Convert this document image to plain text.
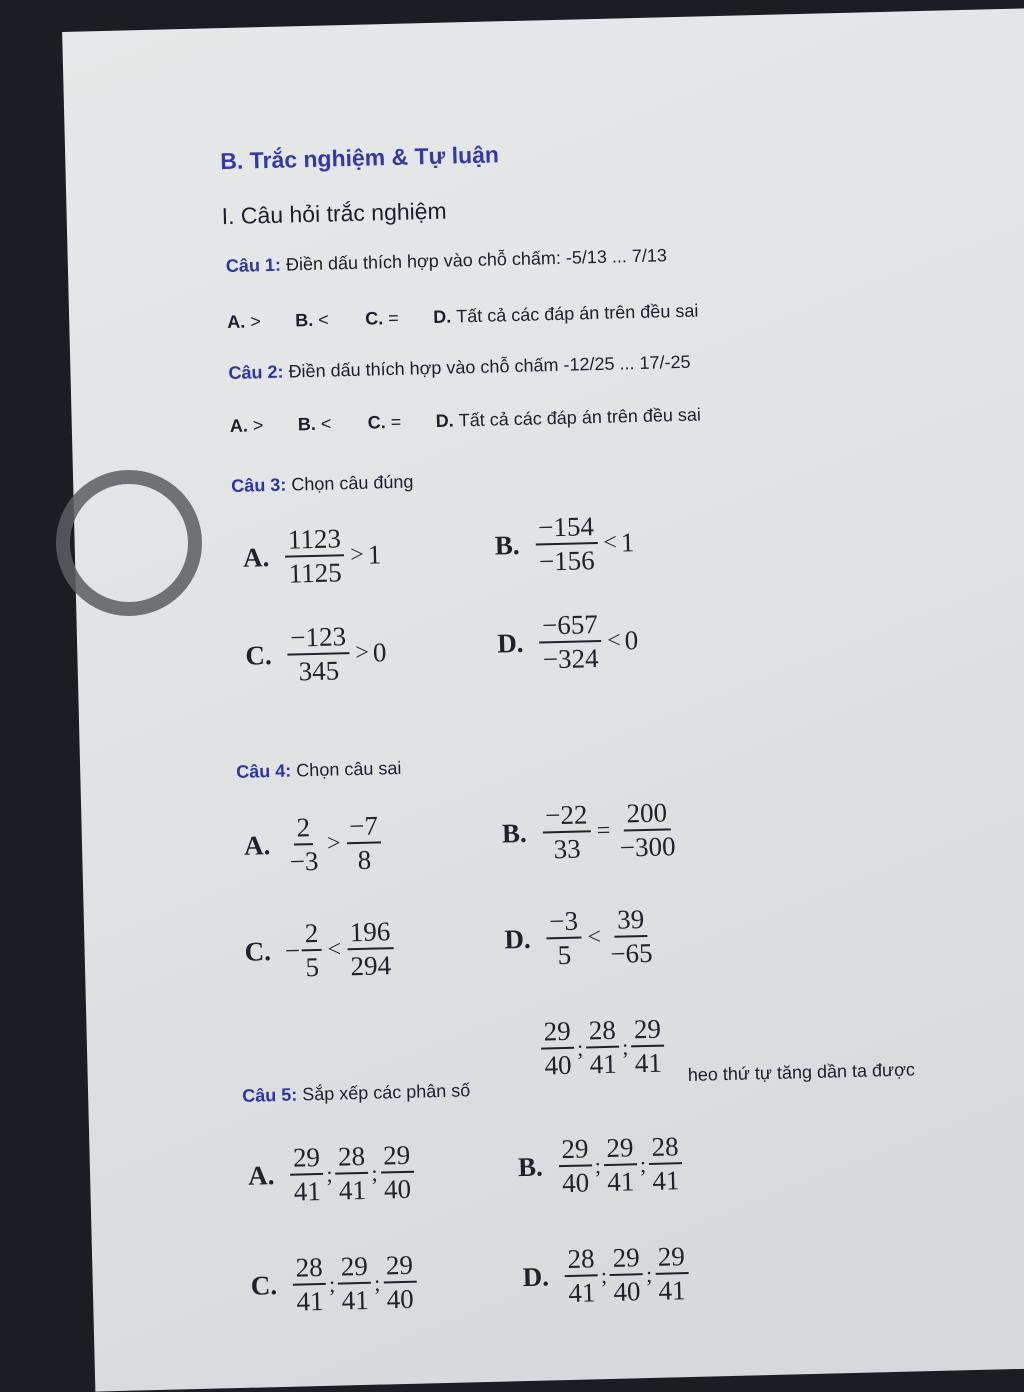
B. Trắc nghiệm & Tự luận
I. Câu hỏi trắc nghiệm
Câu 1: Điền dấu thích hợp vào chỗ chấm: -5/13 ... 7/13
A. > B. < C. = D. Tất cả các đáp án trên đều sai
Câu 2: Điền dấu thích hợp vào chỗ chấm -12/25 ... 17/-25
A. > B. < C. = D. Tất cả các đáp án trên đều sai
Câu 3: Chọn câu đúng
A. $\frac{1123}{1125} > 1$	B. $\frac{-154}{-156} < 1$
C. $\frac{-123}{345} > 0$	D. $\frac{-657}{-324} < 0$
Câu 4: Chọn câu sai
A. $\frac{2}{-3} > \frac{-7}{8}$	B. $\frac{-22}{33} = \frac{200}{-300}$
C. − $\frac{2}{5} < \frac{196}{294}$	D. $\frac{-3}{5} < \frac{39}{-65}$
Câu 5: Sắp xếp các phân số
$\frac{29}{40}$ ; $\frac{28}{41}$ ; $\frac{29}{41}$ heo thứ tự tăng dần ta được
A. $\frac{29}{41}$ ; $\frac{28}{41}$ ; $\frac{29}{40}$	B. $\frac{29}{40}$ ; $\frac{29}{41}$ ; $\frac{28}{41}$
C. $\frac{28}{41}$ ; $\frac{29}{41}$ ; $\frac{29}{40}$	D. $\frac{28}{41}$ ; $\frac{29}{40}$ ; $\frac{29}{41}$
